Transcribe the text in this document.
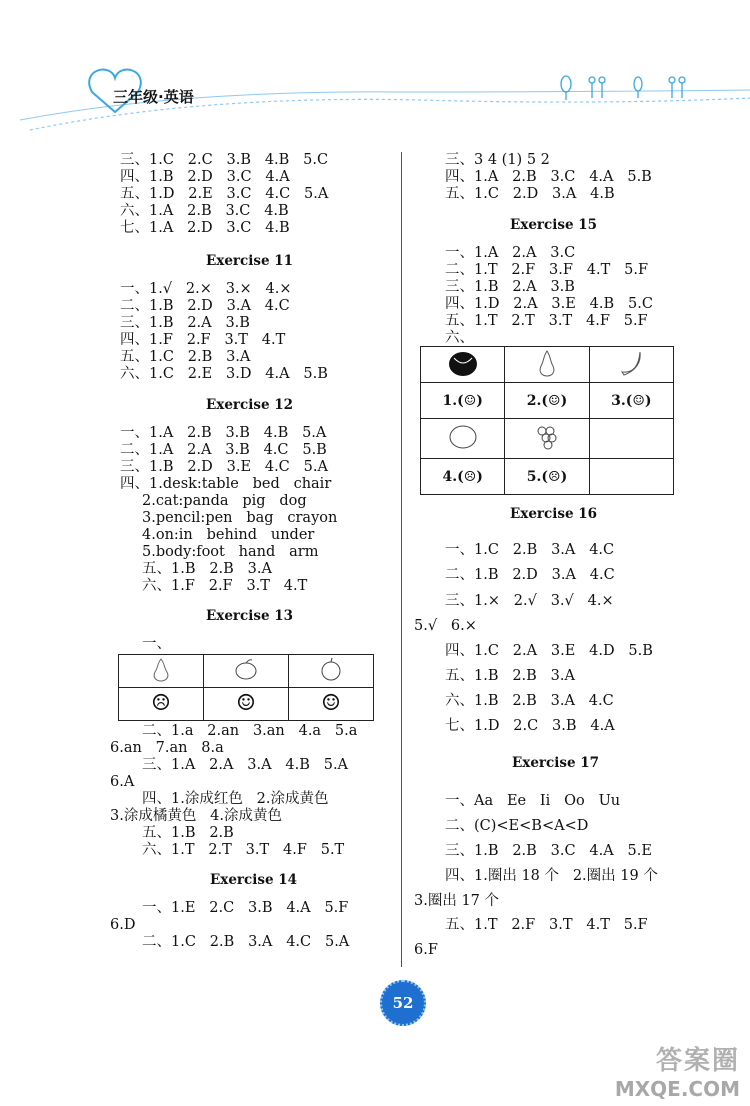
三年级·英语
三、1.C   2.C   3.B   4.B   5.C
四、1.B   2.D   3.C   4.A
五、1.D   2.E   3.C   4.C   5.A
六、1.A   2.B   3.C   4.B
七、1.A   2.D   3.C   4.B
Exercise 11
一、1.√   2.×   3.×   4.×
二、1.B   2.D   3.A   4.C
三、1.B   2.A   3.B
四、1.F   2.F   3.T   4.T
五、1.C   2.B   3.A
六、1.C   2.E   3.D   4.A   5.B
Exercise 12
一、1.A   2.B   3.B   4.B   5.A
二、1.A   2.A   3.B   4.C   5.B
三、1.B   2.D   3.E   4.C   5.A
四、1.desk:table   bed   chair
2.cat:panda   pig   dog
3.pencil:pen   bag   crayon
4.on:in   behind   under
5.body:foot   hand   arm
五、1.B   2.B   3.A
六、1.F   2.F   3.T   4.T
Exercise 13
一、

☹	☺	☺
二、1.a   2.an   3.an   4.a   5.a
6.an   7.an   8.a
三、1.A   2.A   3.A   4.B   5.A
6.A
四、1.涂成红色   2.涂成黄色
3.涂成橘黄色   4.涂成黄色
五、1.B   2.B
六、1.T   2.T   3.T   4.F   5.T
Exercise 14
一、1.E   2.C   3.B   4.A   5.F
6.D
二、1.C   2.B   3.A   4.C   5.A
三、3 4 (1) 5 2
四、1.A   2.B   3.C   4.A   5.B
五、1.C   2.D   3.A   4.B
Exercise 15
一、1.A   2.A   3.C
二、1.T   2.F   3.F   4.T   5.F
三、1.B   2.A   3.B
四、1.D   2.A   3.E   4.B   5.C
五、1.T   2.T   3.T   4.F   5.F
六、

1.(☺)	2.(☺)	3.(☺)

4.(☹)	5.(☹)	
Exercise 16
一、1.C   2.B   3.A   4.C
二、1.B   2.D   3.A   4.C
三、1.×   2.√   3.√   4.×
5.√   6.×
四、1.C   2.A   3.E   4.D   5.B
五、1.B   2.B   3.A
六、1.B   2.B   3.A   4.C
七、1.D   2.C   3.B   4.A
Exercise 17
一、Aa   Ee   Ii   Oo   Uu
二、(C)<E<B<A<D
三、1.B   2.B   3.C   4.A   5.E
四、1.圈出 18 个   2.圈出 19 个
3.圈出 17 个
五、1.T   2.F   3.T   4.T   5.F
6.F
52
答案圈
MXQE.COM
